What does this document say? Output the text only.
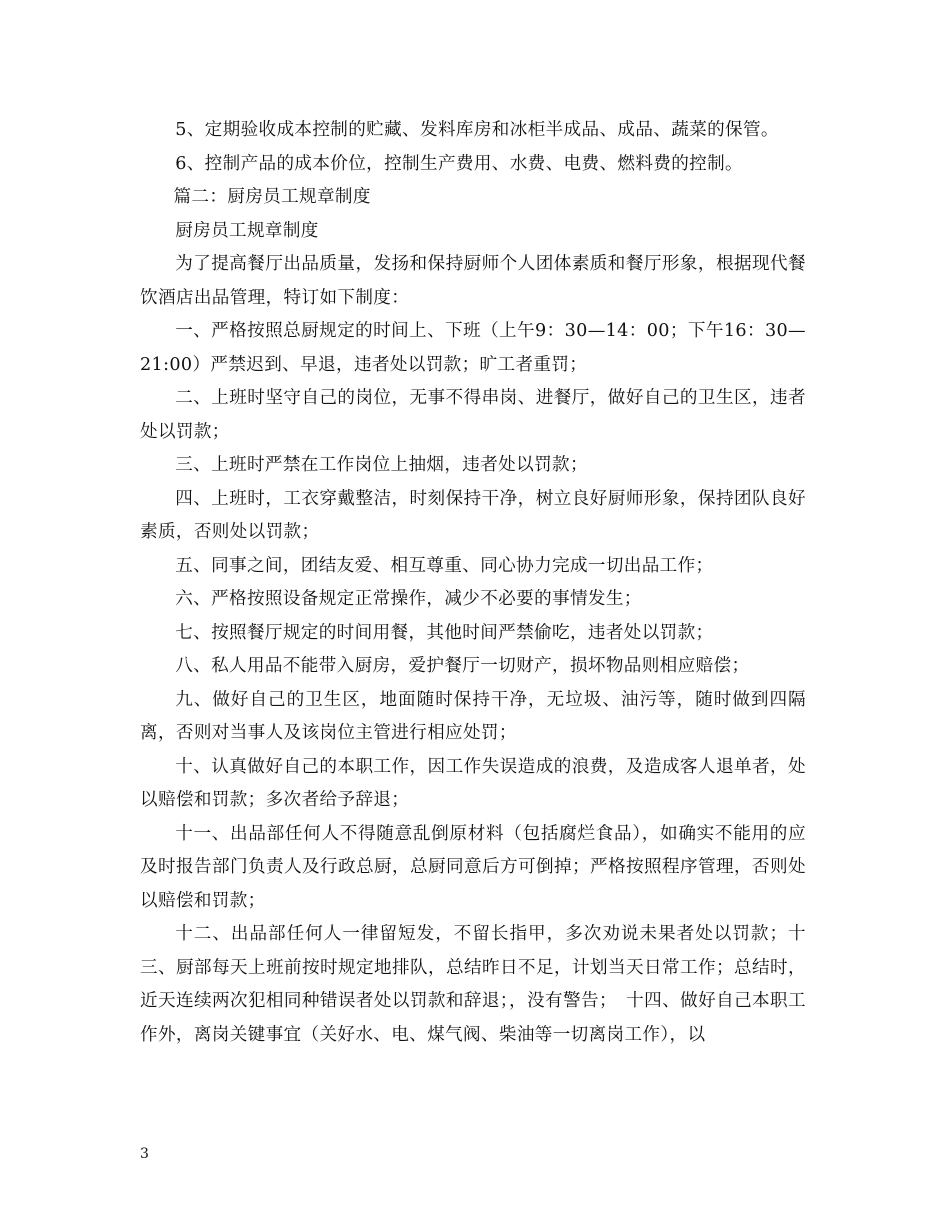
5、定期验收成本控制的贮藏、发料库房和冰柜半成品、成品、蔬菜的保管。

6、控制产品的成本价位，控制生产费用、水费、电费、燃料费的控制。

篇二：厨房员工规章制度

厨房员工规章制度

为了提高餐厅出品质量，发扬和保持厨师个人团体素质和餐厅形象，根据现代餐饮酒店出品管理，特订如下制度：

一、严格按照总厨规定的时间上、下班（上午9：30—14：00；下午16：30—21:00）严禁迟到、早退，违者处以罚款；旷工者重罚；

二、上班时坚守自己的岗位，无事不得串岗、进餐厅，做好自己的卫生区，违者处以罚款；

三、上班时严禁在工作岗位上抽烟，违者处以罚款；

四、上班时，工衣穿戴整洁，时刻保持干净，树立良好厨师形象，保持团队良好素质，否则处以罚款；

五、同事之间，团结友爱、相互尊重、同心协力完成一切出品工作；

六、严格按照设备规定正常操作，减少不必要的事情发生；

七、按照餐厅规定的时间用餐，其他时间严禁偷吃，违者处以罚款；

八、私人用品不能带入厨房，爱护餐厅一切财产，损坏物品则相应赔偿；

九、做好自己的卫生区，地面随时保持干净，无垃圾、油污等，随时做到四隔离，否则对当事人及该岗位主管进行相应处罚；

十、认真做好自己的本职工作，因工作失误造成的浪费，及造成客人退单者，处以赔偿和罚款；多次者给予辞退；

十一、出品部任何人不得随意乱倒原材料（包括腐烂食品），如确实不能用的应及时报告部门负责人及行政总厨，总厨同意后方可倒掉；严格按照程序管理，否则处以赔偿和罚款；

十二、出品部任何人一律留短发，不留长指甲，多次劝说未果者处以罚款；十三、厨部每天上班前按时规定地排队，总结昨日不足，计划当天日常工作；总结时，近天连续两次犯相同种错误者处以罚款和辞退；，没有警告；　十四、做好自己本职工作外，离岗关键事宜（关好水、电、煤气阀、柴油等一切离岗工作），以

3
